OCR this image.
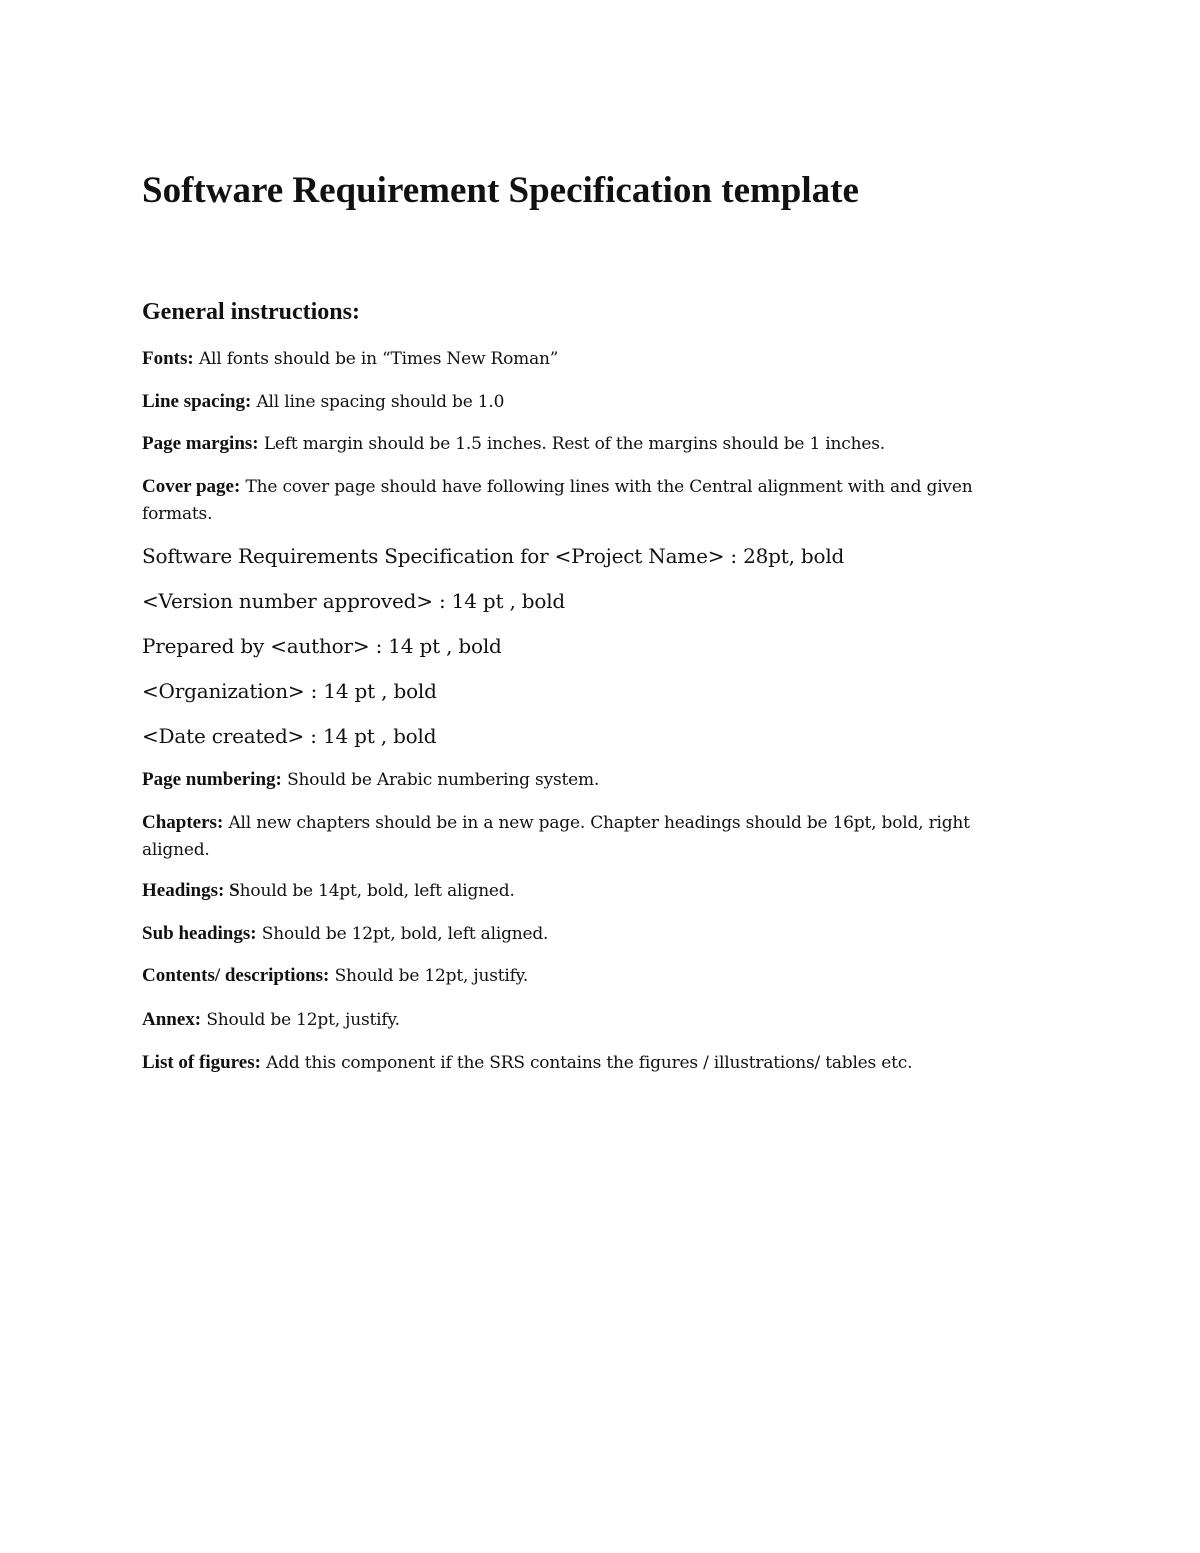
Software Requirement Specification template
General instructions:

Fonts: All fonts should be in “Times New Roman”

Line spacing: All line spacing should be 1.0

Page margins: Left margin should be 1.5 inches. Rest of the margins should be 1 inches.

Cover page: The cover page should have following lines with the Central alignment with and given formats.

Software Requirements Specification for <Project Name> : 28pt, bold

<Version number approved> : 14 pt , bold

Prepared by <author> : 14 pt , bold

<Organization> : 14 pt , bold

<Date created> : 14 pt , bold

Page numbering: Should be Arabic numbering system.

Chapters: All new chapters should be in a new page. Chapter headings should be 16pt, bold, right aligned.

Headings: Should be 14pt, bold, left aligned.

Sub headings: Should be 12pt, bold, left aligned.

Contents/ descriptions: Should be 12pt, justify.

Annex: Should be 12pt, justify.

List of figures: Add this component if the SRS contains the figures / illustrations/ tables etc.
